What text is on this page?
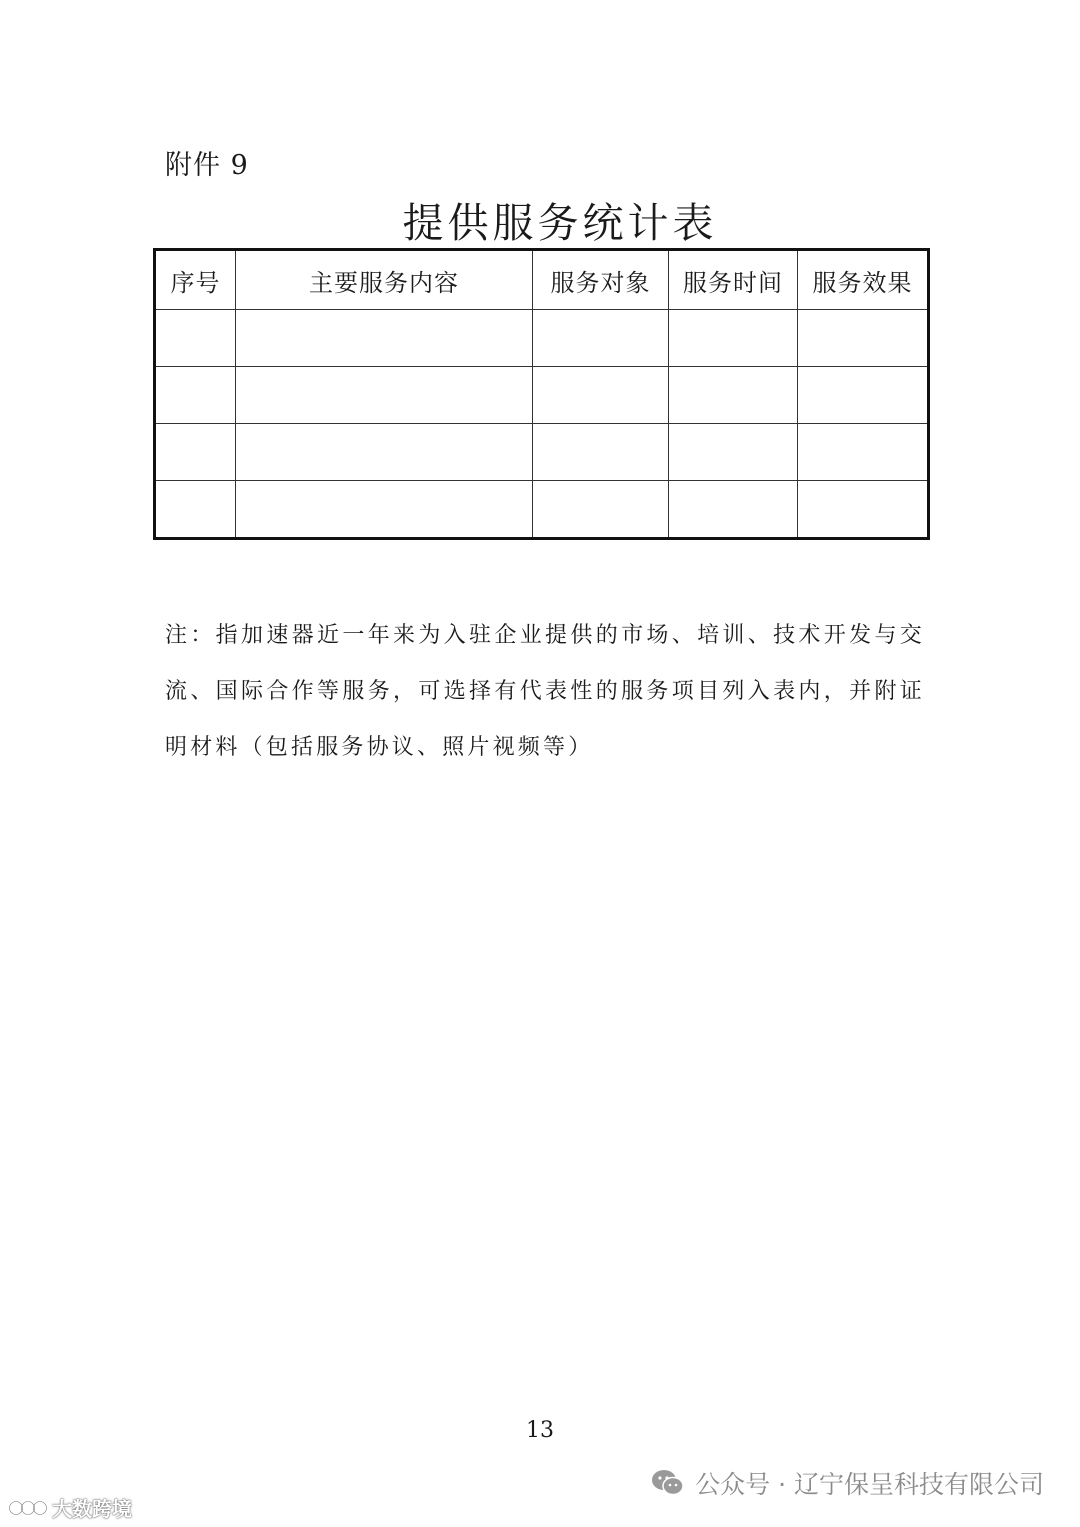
附件 9
提供服务统计表
序号	主要服务内容	服务对象	服务时间	服务效果

注：指加速器近一年来为入驻企业提供的市场、培训、技术开发与交流、国际合作等服务，可选择有代表性的服务项目列入表内，并附证明材料（包括服务协议、照片视频等）
13
公众号 · 辽宁保呈科技有限公司
大数跨境
